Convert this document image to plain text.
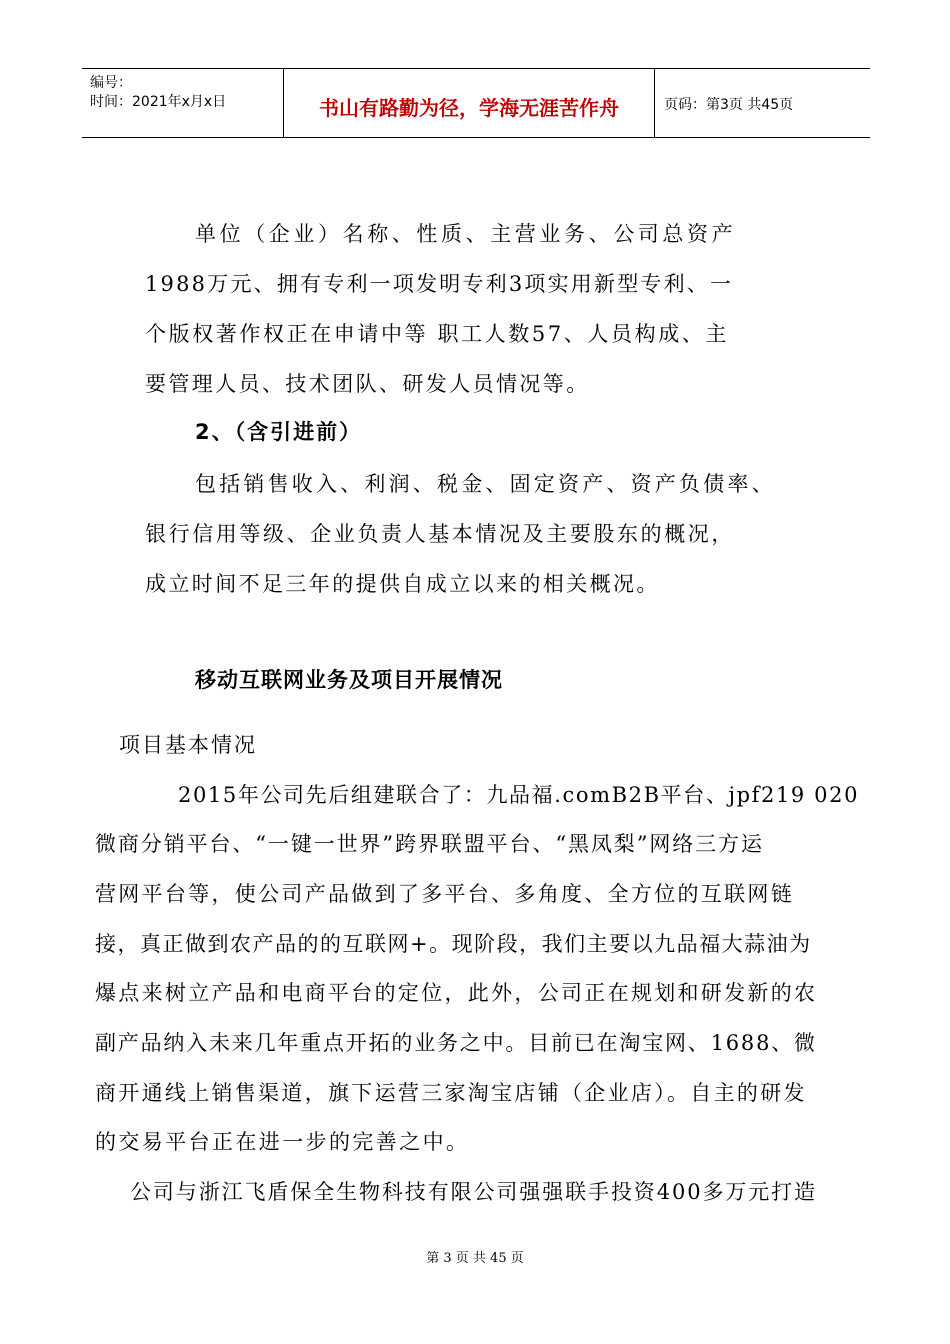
编号：
时间：2021年x月x日	书山有路勤为径，学海无涯苦作舟	页码：第3页 共45页
单位（企业）名称、性质、主营业务、公司总资产
1988万元、拥有专利一项发明专利3项实用新型专利、一
个版权著作权正在申请中等 职工人数57、人员构成、主
要管理人员、技术团队、研发人员情况等。
2、（含引进前）
包括销售收入、利润、税金、固定资产、资产负债率、
银行信用等级、企业负责人基本情况及主要股东的概况，
成立时间不足三年的提供自成立以来的相关概况。
移动互联网业务及项目开展情况
项目基本情况
2015年公司先后组建联合了：九品福.comB2B平台、jpf219 020
微商分销平台、“一键一世界”跨界联盟平台、“黑凤梨”网络三方运
营网平台等，使公司产品做到了多平台、多角度、全方位的互联网链
接，真正做到农产品的的互联网+。现阶段，我们主要以九品福大蒜油为
爆点来树立产品和电商平台的定位，此外，公司正在规划和研发新的农
副产品纳入未来几年重点开拓的业务之中。目前已在淘宝网、1688、微
商开通线上销售渠道，旗下运营三家淘宝店铺（企业店）。自主的研发
的交易平台正在进一步的完善之中。
公司与浙江飞盾保全生物科技有限公司强强联手投资400多万元打造
第 3 页 共 45 页
